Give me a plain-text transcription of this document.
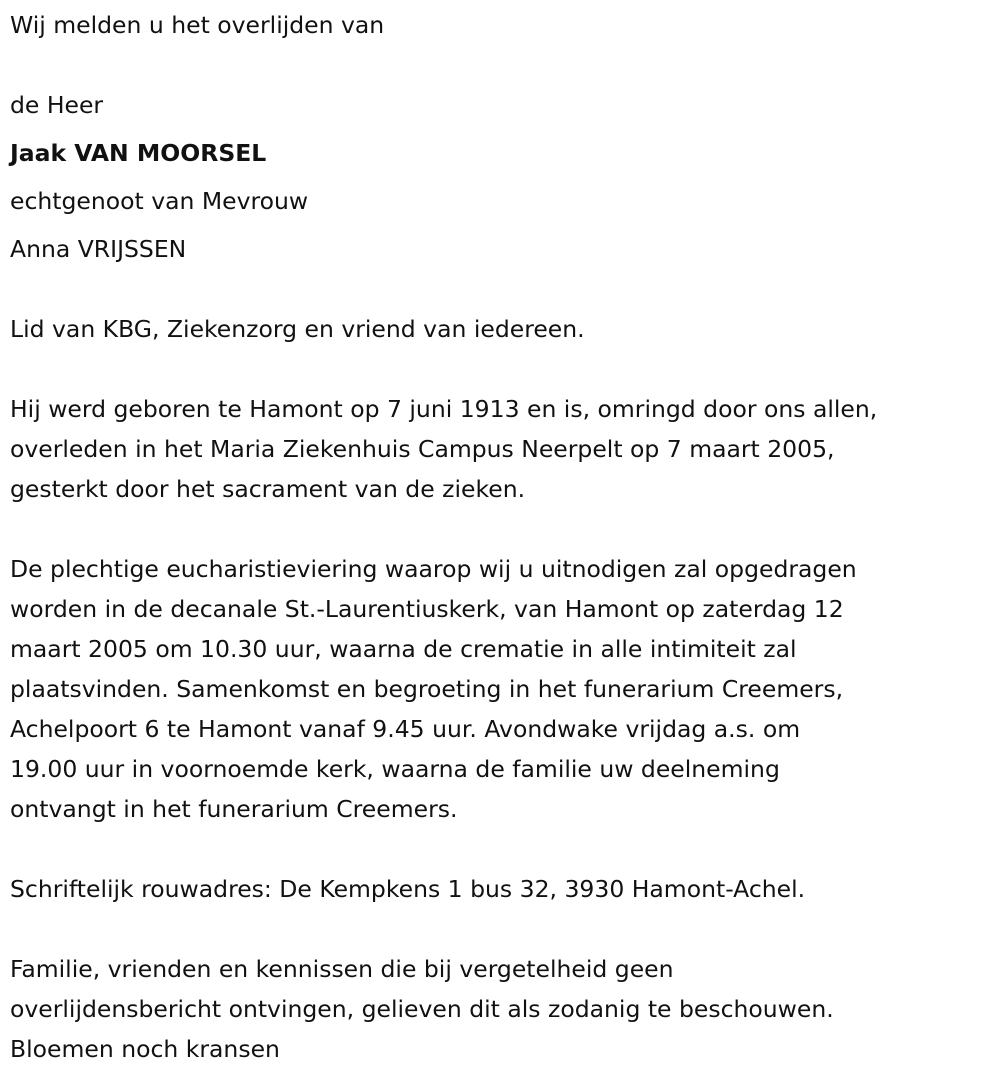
Wij melden u het overlijden van
de Heer
Jaak VAN MOORSEL
echtgenoot van Mevrouw
Anna VRIJSSEN
Lid van KBG, Ziekenzorg en vriend van iedereen.
Hij werd geboren te Hamont op 7 juni 1913 en is, omringd door ons allen,
overleden in het Maria Ziekenhuis Campus Neerpelt op 7 maart 2005,
gesterkt door het sacrament van de zieken.
De plechtige eucharistieviering waarop wij u uitnodigen zal opgedragen
worden in de decanale St.-Laurentiuskerk, van Hamont op zaterdag 12
maart 2005 om 10.30 uur, waarna de crematie in alle intimiteit zal
plaatsvinden. Samenkomst en begroeting in het funerarium Creemers,
Achelpoort 6 te Hamont vanaf 9.45 uur. Avondwake vrijdag a.s. om
19.00 uur in voornoemde kerk, waarna de familie uw deelneming
ontvangt in het funerarium Creemers.
Schriftelijk rouwadres: De Kempkens 1 bus 32, 3930 Hamont-Achel.
Familie, vrienden en kennissen die bij vergetelheid geen
overlijdensbericht ontvingen, gelieven dit als zodanig te beschouwen.
Bloemen noch kransen
